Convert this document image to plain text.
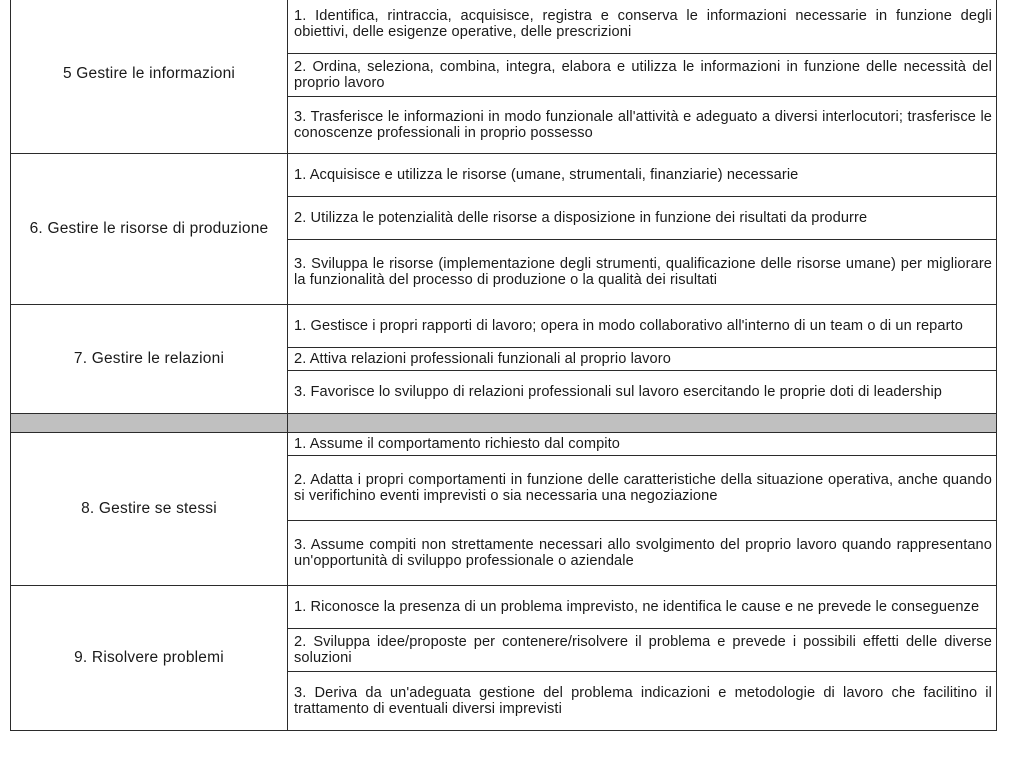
5 Gestire le informazioni	1. Identifica, rintraccia, acquisisce, registra e conserva le informazioni necessarie in funzione degli obiettivi, delle esigenze operative, delle prescrizioni
	2. Ordina, seleziona, combina, integra, elabora e utilizza le informazioni in funzione delle necessità del proprio lavoro
	3. Trasferisce le informazioni in modo funzionale all'attività e adeguato a diversi interlocutori; trasferisce le conoscenze professionali in proprio possesso
6. Gestire le risorse di produzione	1. Acquisisce e utilizza le risorse (umane, strumentali, finanziarie) necessarie
	2. Utilizza le potenzialità delle risorse a disposizione in funzione dei risultati da produrre
	3. Sviluppa le risorse (implementazione degli strumenti, qualificazione delle risorse umane) per migliorare la funzionalità del processo di produzione o la qualità dei risultati
7. Gestire le relazioni	1. Gestisce i propri rapporti di lavoro; opera in modo collaborativo all'interno di un team o di un reparto
	2. Attiva relazioni professionali funzionali al proprio lavoro
	3. Favorisce lo sviluppo di relazioni professionali sul lavoro esercitando le proprie doti di leadership

8. Gestire se stessi	1. Assume il comportamento richiesto dal compito
	2. Adatta i propri comportamenti in funzione delle caratteristiche della situazione operativa, anche quando si verifichino eventi imprevisti o sia necessaria una negoziazione
	3. Assume compiti non strettamente necessari allo svolgimento del proprio lavoro quando rappresentano un'opportunità di sviluppo professionale o aziendale
9. Risolvere problemi	1. Riconosce la presenza di un problema imprevisto, ne identifica le cause e ne prevede le conseguenze
	2. Sviluppa idee/proposte per contenere/risolvere il problema e prevede i possibili effetti delle diverse soluzioni
	3. Deriva da un'adeguata gestione del problema indicazioni e metodologie di lavoro che facilitino il trattamento di eventuali diversi imprevisti
